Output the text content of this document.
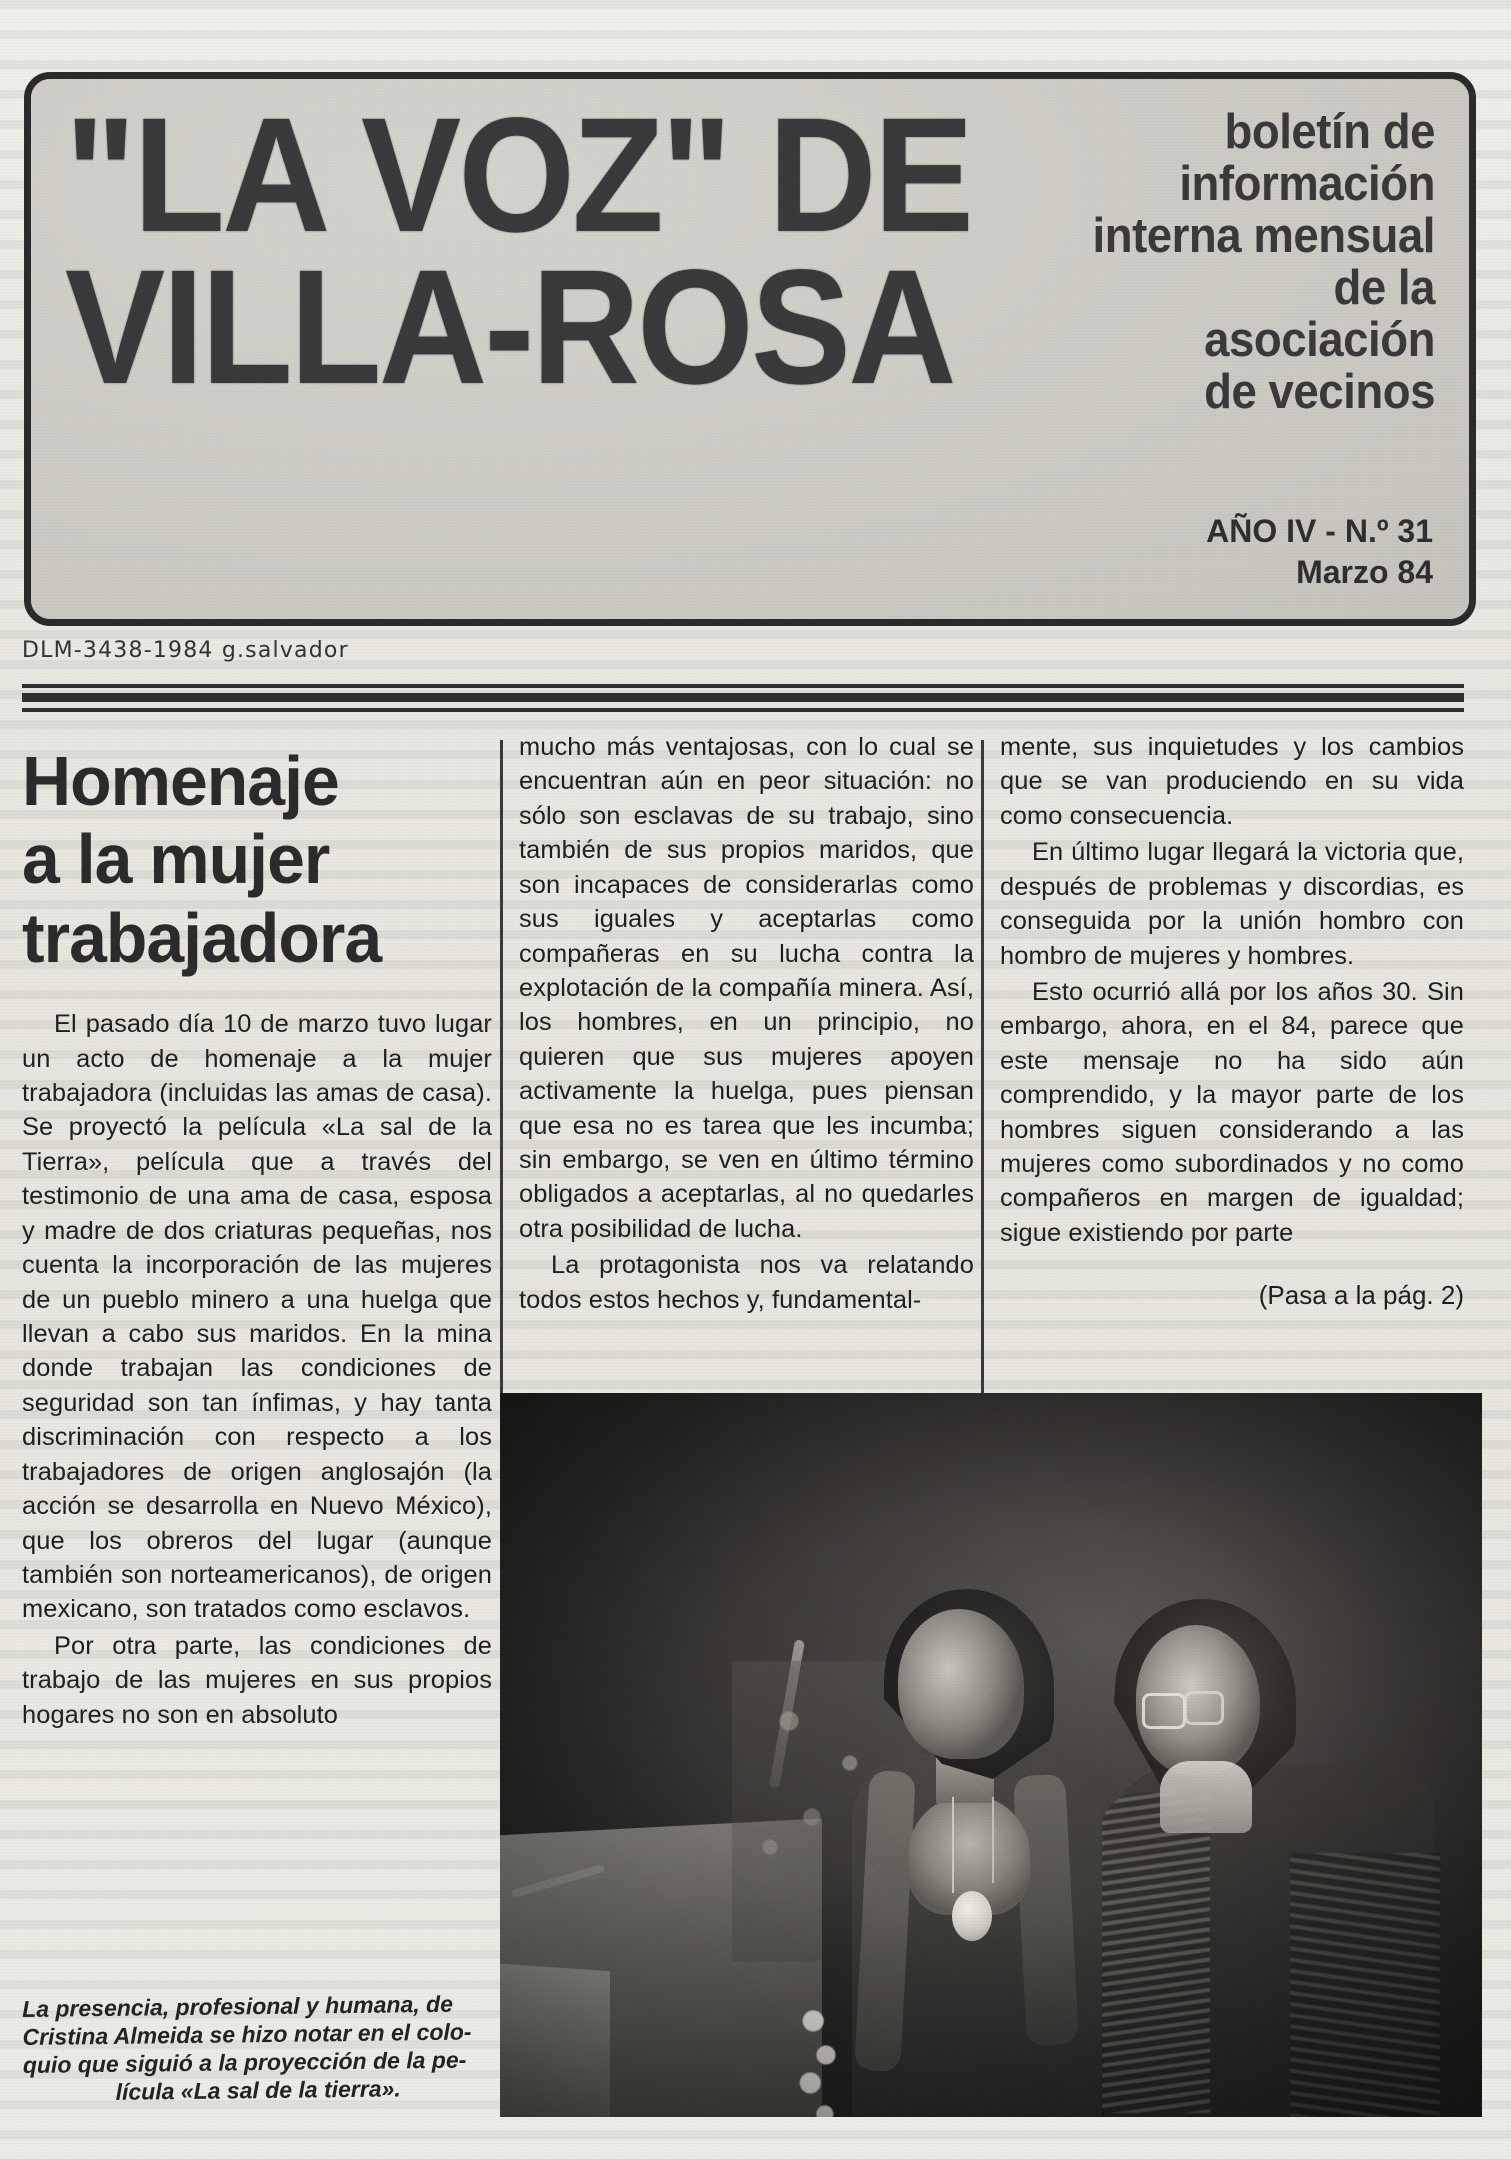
"LA VOZ" DE
VILLA-ROSA
boletín de
información
interna mensual
de la
asociación
de vecinos
AÑO IV - N.º 31
Marzo 84
DLM-3438-1984 g.salvador
Homenaje
a la mujer
trabajadora

El pasado día 10 de marzo tuvo lugar un acto de homenaje a la mujer trabajadora (incluidas las amas de casa). Se proyectó la película «La sal de la Tierra», película que a través del testimonio de una ama de casa, esposa y madre de dos criaturas pequeñas, nos cuenta la incorporación de las mujeres de un pueblo minero a una huelga que llevan a cabo sus maridos. En la mina donde trabajan las condiciones de seguridad son tan ínfimas, y hay tanta discriminación con respecto a los trabajadores de origen anglosajón (la acción se desarrolla en Nuevo México), que los obreros del lugar (aunque también son norteamericanos), de origen mexicano, son tratados como esclavos.

Por otra parte, las condiciones de trabajo de las mujeres en sus propios hogares no son en absoluto

mucho más ventajosas, con lo cual se encuentran aún en peor situación: no sólo son esclavas de su trabajo, sino también de sus propios maridos, que son incapaces de considerarlas como sus iguales y aceptarlas como compañeras en su lucha contra la explotación de la compañía minera. Así, los hombres, en un principio, no quieren que sus mujeres apoyen activamente la huelga, pues piensan que esa no es tarea que les incumba; sin embargo, se ven en último término obligados a aceptarlas, al no quedarles otra posibilidad de lucha.

La protagonista nos va relatando todos estos hechos y, fundamental-

mente, sus inquietudes y los cambios que se van produciendo en su vida como consecuencia.

En último lugar llegará la victoria que, después de problemas y discordias, es conseguida por la unión hombro con hombro de mujeres y hombres.

Esto ocurrió allá por los años 30. Sin embargo, ahora, en el 84, parece que este mensaje no ha sido aún comprendido, y la mayor parte de los hombres siguen considerando a las mujeres como subordinados y no como compañeros en margen de igualdad; sigue existiendo por parte

(Pasa a la pág. 2)
La presencia, profesional y humana, de
Cristina Almeida se hizo notar en el colo-
quio que siguió a la proyección de la pe-
lícula «La sal de la tierra».
